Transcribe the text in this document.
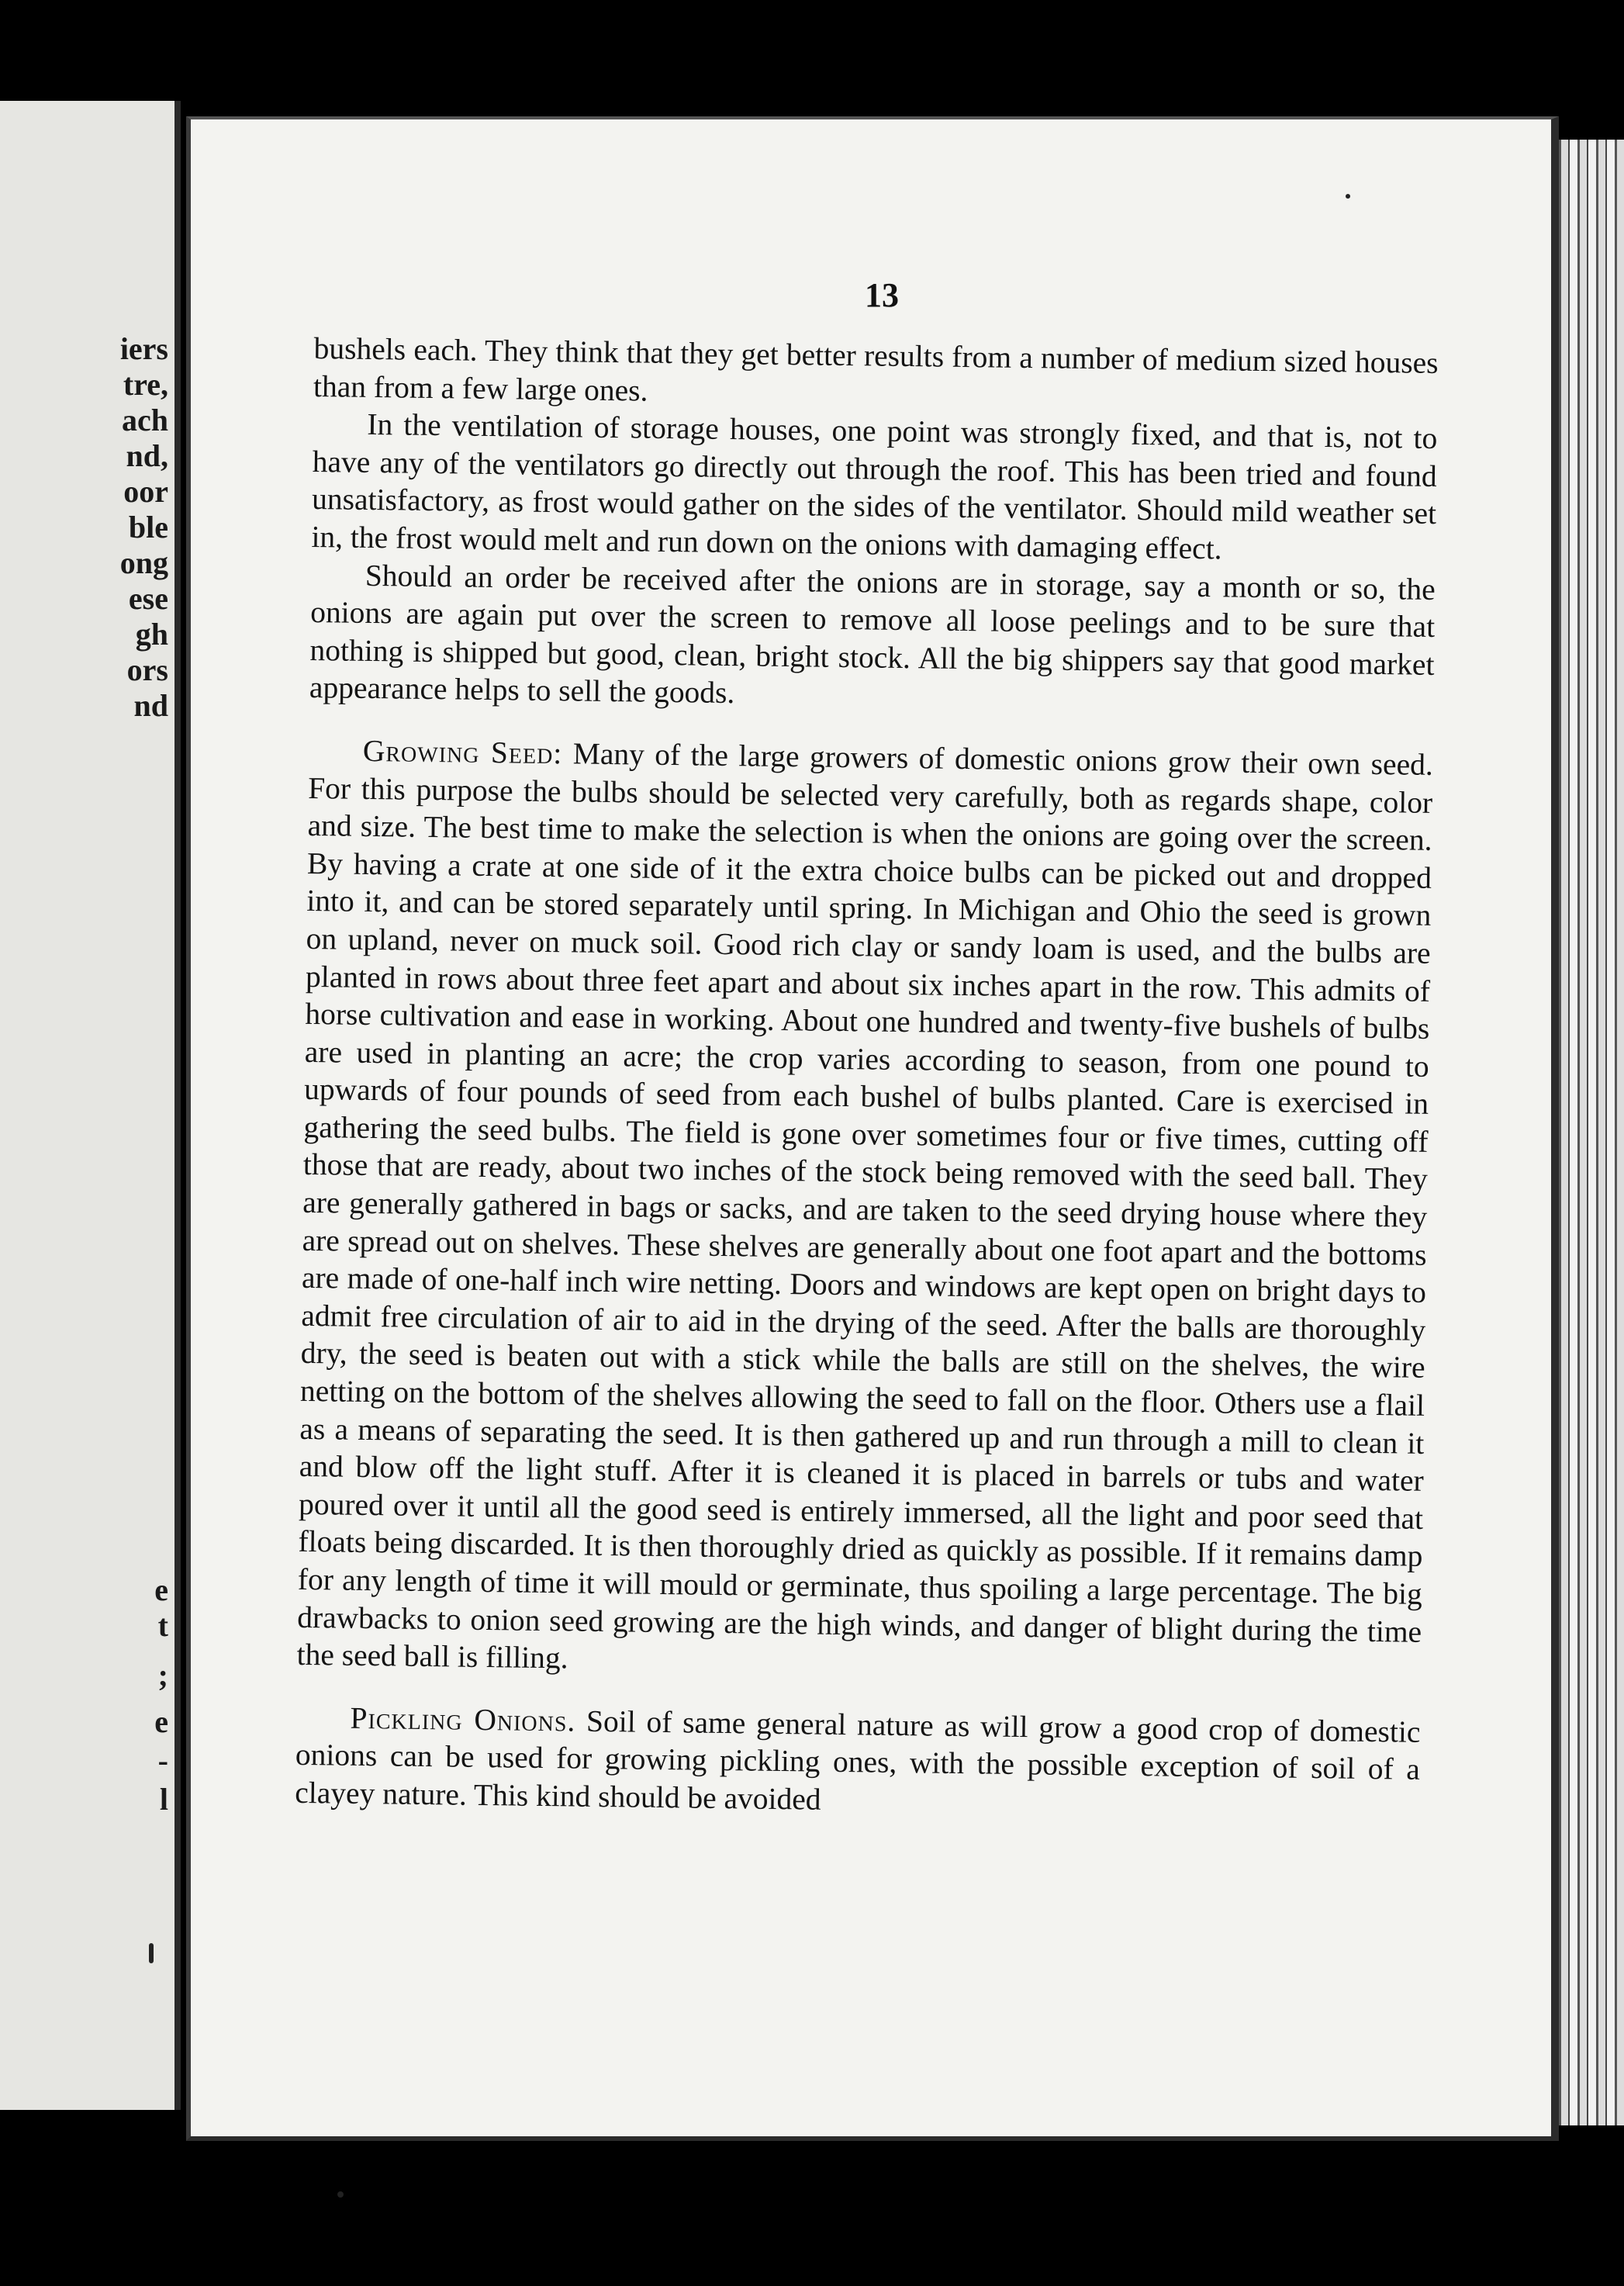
iers
tre,
ach
nd,
oor
ble
ong
ese
gh
ors
nd
e
t
;
e
-
l
13

bushels each. They think that they get better results from a number of medium sized houses than from a few large ones.

In the ventilation of storage houses, one point was strongly fixed, and that is, not to have any of the ventilators go directly out through the roof. This has been tried and found unsatisfactory, as frost would gather on the sides of the ventilator. Should mild weather set in, the frost would melt and run down on the onions with damaging effect.

Should an order be received after the onions are in storage, say a month or so, the onions are again put over the screen to remove all loose peelings and to be sure that nothing is shipped but good, clean, bright stock. All the big shippers say that good market appearance helps to sell the goods.

Growing Seed: Many of the large growers of domestic onions grow their own seed. For this purpose the bulbs should be selected very carefully, both as regards shape, color and size. The best time to make the selection is when the onions are going over the screen. By having a crate at one side of it the extra choice bulbs can be picked out and dropped into it, and can be stored separately until spring. In Michigan and Ohio the seed is grown on upland, never on muck soil. Good rich clay or sandy loam is used, and the bulbs are planted in rows about three feet apart and about six inches apart in the row. This admits of horse cultivation and ease in working. About one hundred and twenty-five bushels of bulbs are used in planting an acre; the crop varies according to season, from one pound to upwards of four pounds of seed from each bushel of bulbs planted. Care is exercised in gathering the seed bulbs. The field is gone over sometimes four or five times, cutting off those that are ready, about two inches of the stock being removed with the seed ball. They are generally gathered in bags or sacks, and are taken to the seed drying house where they are spread out on shelves. These shelves are generally about one foot apart and the bottoms are made of one-half inch wire netting. Doors and windows are kept open on bright days to admit free circulation of air to aid in the drying of the seed. After the balls are thoroughly dry, the seed is beaten out with a stick while the balls are still on the shelves, the wire netting on the bottom of the shelves allowing the seed to fall on the floor. Others use a flail as a means of separating the seed. It is then gathered up and run through a mill to clean it and blow off the light stuff. After it is cleaned it is placed in barrels or tubs and water poured over it until all the good seed is entirely immersed, all the light and poor seed that floats being discarded. It is then thoroughly dried as quickly as possible. If it remains damp for any length of time it will mould or germinate, thus spoiling a large percentage. The big drawbacks to onion seed growing are the high winds, and danger of blight during the time the seed ball is filling.

Pickling Onions. Soil of same general nature as will grow a good crop of domestic onions can be used for growing pickling ones, with the possible exception of soil of a clayey nature. This kind should be avoided
